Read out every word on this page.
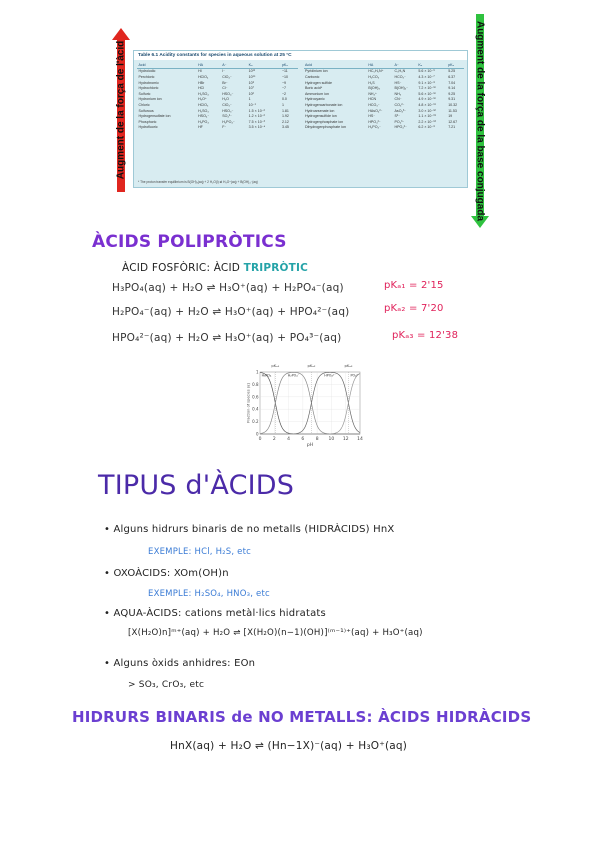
Augment de la força de l'àcid	Augment de la força de la base conjugada
Table 6.1 Acidity constants for species in aqueous solution at 25 °C
Acid	HA	A⁻	Kₐ	pKₐ
Hydroiodic	HI	I⁻	10¹¹	−11
Perchloric	HClO₄	ClO₄⁻	10¹⁰	−10
Hydrobromic	HBr	Br⁻	10⁹	−9
Hydrochloric	HCl	Cl⁻	10⁷	−7
Sulfuric	H₂SO₄	HSO₄⁻	10²	−2
Hydronium ion	H₃O⁺	H₂O	1	0.0
Chloric	HClO₃	ClO₃⁻	10⁻¹	1
Sulfurous	H₂SO₃	HSO₃⁻	1.5 × 10⁻²	1.81
Hydrogensulfate ion	HSO₄⁻	SO₄²⁻	1.2 × 10⁻²	1.92
Phosphoric	H₃PO₄	H₂PO₄⁻	7.5 × 10⁻³	2.12
Hydrofluoric	HF	F⁻	3.5 × 10⁻⁴	3.45
Acid	HA	A⁻	Kₐ	pKₐ
Pyridinium ion	HC₅H₅N⁺	C₅H₅N	5.6 × 10⁻⁶	5.25
Carbonic	H₂CO₃	HCO₃⁻	4.3 × 10⁻⁷	6.37
Hydrogen sulfide	H₂S	HS⁻	9.1 × 10⁻⁸	7.04
Boric acid*	B(OH)₃	B(OH)₄⁻	7.2 × 10⁻¹⁰	9.14
Ammonium ion	NH₄⁺	NH₃	5.6 × 10⁻¹⁰	9.25
Hydrocyanic	HCN	CN⁻	4.9 × 10⁻¹⁰	9.31
Hydrogencarbonate ion	HCO₃⁻	CO₃²⁻	4.8 × 10⁻¹¹	10.32
Hydroarsenate ion	HAsO₄²⁻	AsO₄³⁻	3.0 × 10⁻¹²	11.53
Hydrogensulfide ion	HS⁻	S²⁻	1.1 × 10⁻¹⁹	19
Hydrogenphosphate ion	HPO₄²⁻	PO₄³⁻	2.2 × 10⁻¹³	12.67
Dihydrogenphosphate ion	H₂PO₄⁻	HPO₄²⁻	6.2 × 10⁻⁸	7.21
* The proton transfer equilibrium is B(OH)₃(aq) + 2 H₂O(l) ⇌ H₃O⁺(aq) + B(OH)₄⁻(aq)
ÀCIDS POLIPRÒTICS
ÀCID FOSFÒRIC: ÀCID TRIPRÒTIC
H₃PO₄(aq) + H₂O ⇌ H₃O⁺(aq) + H₂PO₄⁻(aq)	pKₐ₁ = 2'15
H₂PO₄⁻(aq) + H₂O ⇌ H₃O⁺(aq) + HPO₄²⁻(aq)	pKₐ₂ = 7'20
HPO₄²⁻(aq) + H₂O ⇌ H₃O⁺(aq) + PO₄³⁻(aq)	pKₐ₃ = 12'38
0	2	4	6	8 10 12 14
0
0.2
0.4
0.6
0.8
1
pH
Fraction of species (α)
pKₐ₁	pKₐ₂	pKₐ₃
H₃PO₄	H₂PO₄⁻	HPO₄²⁻	PO₄³⁻
TIPUS d'ÀCIDS
• Alguns hidrurs binaris de no metalls (HIDRÀCIDS) HnX
EXEMPLE: HCl, H₂S, etc
• OXOÀCIDS: XOm(OH)n
EXEMPLE: H₂SO₄, HNO₃, etc
• AQUA-ÀCIDS: cations metàl·lics hidratats
[X(H₂O)n]ᵐ⁺(aq) + H₂O ⇌ [X(H₂O)(n−1)(OH)]⁽ᵐ⁻¹⁾⁺(aq) + H₃O⁺(aq)
• Alguns òxids anhidres: EOn
> SO₃, CrO₃, etc
HIDRURS BINARIS de NO METALLS: ÀCIDS HIDRÀCIDS
HnX(aq) + H₂O ⇌ (Hn−1X)⁻(aq) + H₃O⁺(aq)
